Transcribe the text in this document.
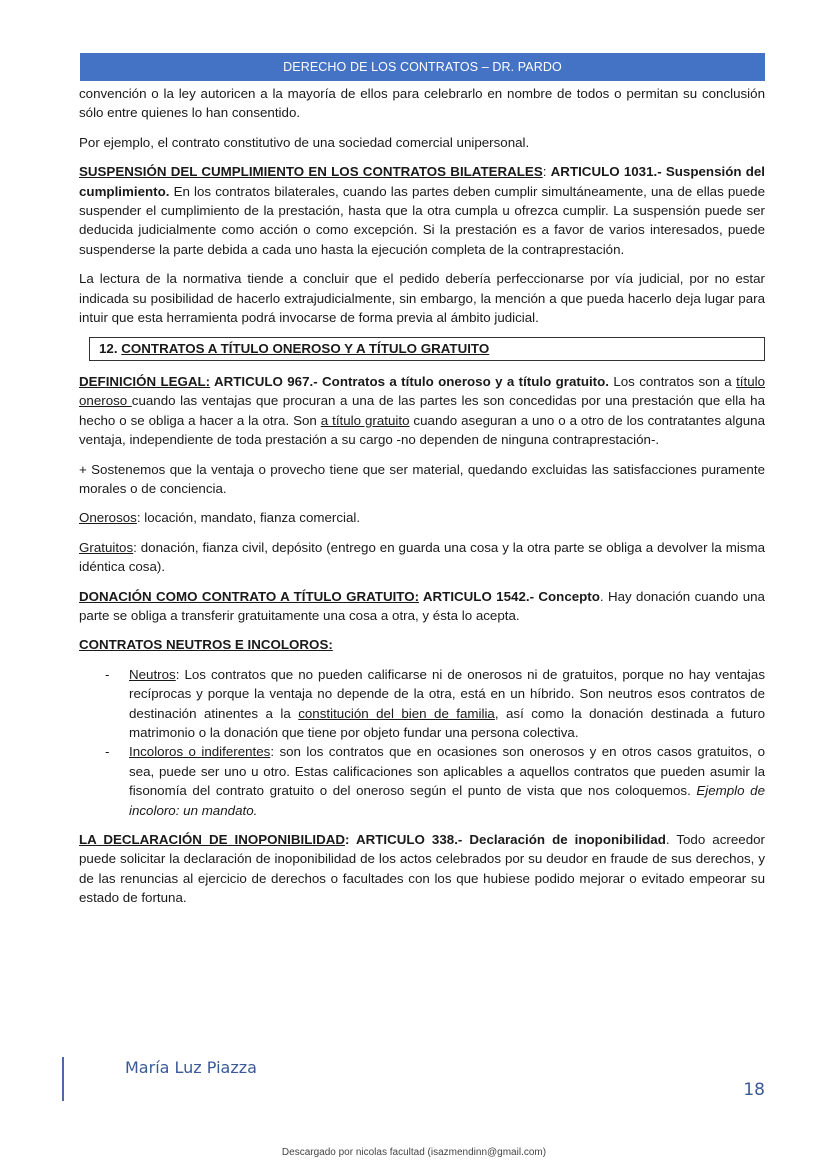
DERECHO DE LOS CONTRATOS – DR. PARDO
convención o la ley autoricen a la mayoría de ellos para celebrarlo en nombre de todos o permitan su conclusión sólo entre quienes lo han consentido.
Por ejemplo, el contrato constitutivo de una sociedad comercial unipersonal.
SUSPENSIÓN DEL CUMPLIMIENTO EN LOS CONTRATOS BILATERALES: ARTICULO 1031.- Suspensión del cumplimiento. En los contratos bilaterales, cuando las partes deben cumplir simultáneamente, una de ellas puede suspender el cumplimiento de la prestación, hasta que la otra cumpla u ofrezca cumplir. La suspensión puede ser deducida judicialmente como acción o como excepción. Si la prestación es a favor de varios interesados, puede suspenderse la parte debida a cada uno hasta la ejecución completa de la contraprestación.
La lectura de la normativa tiende a concluir que el pedido debería perfeccionarse por vía judicial, por no estar indicada su posibilidad de hacerlo extrajudicialmente, sin embargo, la mención a que pueda hacerlo deja lugar para intuir que esta herramienta podrá invocarse de forma previa al ámbito judicial.
12. CONTRATOS A TÍTULO ONEROSO Y A TÍTULO GRATUITO
DEFINICIÓN LEGAL: ARTICULO 967.- Contratos a título oneroso y a título gratuito. Los contratos son a título oneroso cuando las ventajas que procuran a una de las partes les son concedidas por una prestación que ella ha hecho o se obliga a hacer a la otra. Son a título gratuito cuando aseguran a uno o a otro de los contratantes alguna ventaja, independiente de toda prestación a su cargo -no dependen de ninguna contraprestación-.
+ Sostenemos que la ventaja o provecho tiene que ser material, quedando excluidas las satisfacciones puramente morales o de conciencia.
Onerosos: locación, mandato, fianza comercial.
Gratuitos: donación, fianza civil, depósito (entrego en guarda una cosa y la otra parte se obliga a devolver la misma idéntica cosa).
DONACIÓN COMO CONTRATO A TÍTULO GRATUITO: ARTICULO 1542.- Concepto. Hay donación cuando una parte se obliga a transferir gratuitamente una cosa a otra, y ésta lo acepta.
CONTRATOS NEUTROS E INCOLOROS:
- Neutros: Los contratos que no pueden calificarse ni de onerosos ni de gratuitos, porque no hay ventajas recíprocas y porque la ventaja no depende de la otra, está en un híbrido. Son neutros esos contratos de destinación atinentes a la constitución del bien de familia, así como la donación destinada a futuro matrimonio o la donación que tiene por objeto fundar una persona colectiva.
- Incoloros o indiferentes: son los contratos que en ocasiones son onerosos y en otros casos gratuitos, o sea, puede ser uno u otro. Estas calificaciones son aplicables a aquellos contratos que pueden asumir la fisonomía del contrato gratuito o del oneroso según el punto de vista que nos coloquemos. Ejemplo de incoloro: un mandato.
LA DECLARACIÓN DE INOPONIBILIDAD: ARTICULO 338.- Declaración de inoponibilidad. Todo acreedor puede solicitar la declaración de inoponibilidad de los actos celebrados por su deudor en fraude de sus derechos, y de las renuncias al ejercicio de derechos o facultades con los que hubiese podido mejorar o evitado empeorar su estado de fortuna.
María Luz Piazza
18
Descargado por nicolas facultad (isazmendinn@gmail.com)
